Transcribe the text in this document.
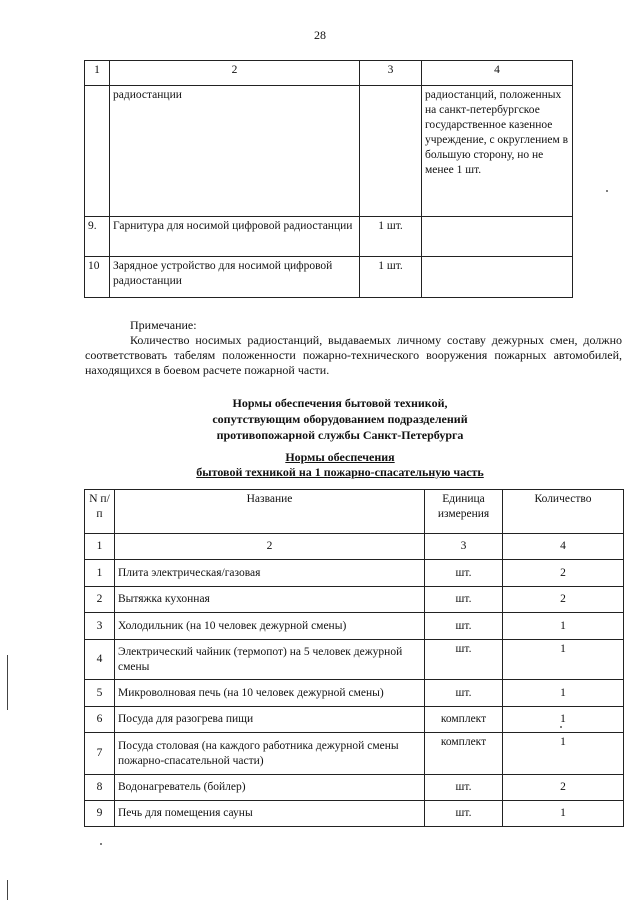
28
1	2	3	4
	радиостанции		радиостанций, положенных на санкт-петербургское государственное казенное учреждение, с округлением в большую сторону, но не менее 1 шт.
9.	Гарнитура для носимой цифровой радиостанции	1 шт.	
10	Зарядное устройство для носимой цифровой радиостанции	1 шт.	
Примечание:
Количество носимых радиостанций, выдаваемых личному составу дежурных смен, должно соответствовать табелям положенности пожарно-технического вооружения пожарных автомобилей, находящихся в боевом расчете пожарной части.
Нормы обеспечения бытовой техникой,
сопутствующим оборудованием подразделений
противопожарной службы Санкт-Петербурга
Нормы обеспечения
бытовой техникой на 1 пожарно-спасательную часть
N п/п	Название	Единица измерения	Количество
1	2	3	4
1	Плита электрическая/газовая	шт.	2
2	Вытяжка кухонная	шт.	2
3	Холодильник (на 10 человек дежурной смены)	шт.	1
4	Электрический чайник (термопот) на 5 человек дежурной смены	шт.	1
5	Микроволновая печь (на 10 человек дежурной смены)	шт.	1
6	Посуда для разогрева пищи	комплект	1
7	Посуда столовая (на каждого работника дежурной смены пожарно-спасательной части)	комплект	1
8	Водонагреватель (бойлер)	шт.	2
9	Печь для помещения сауны	шт.	1
